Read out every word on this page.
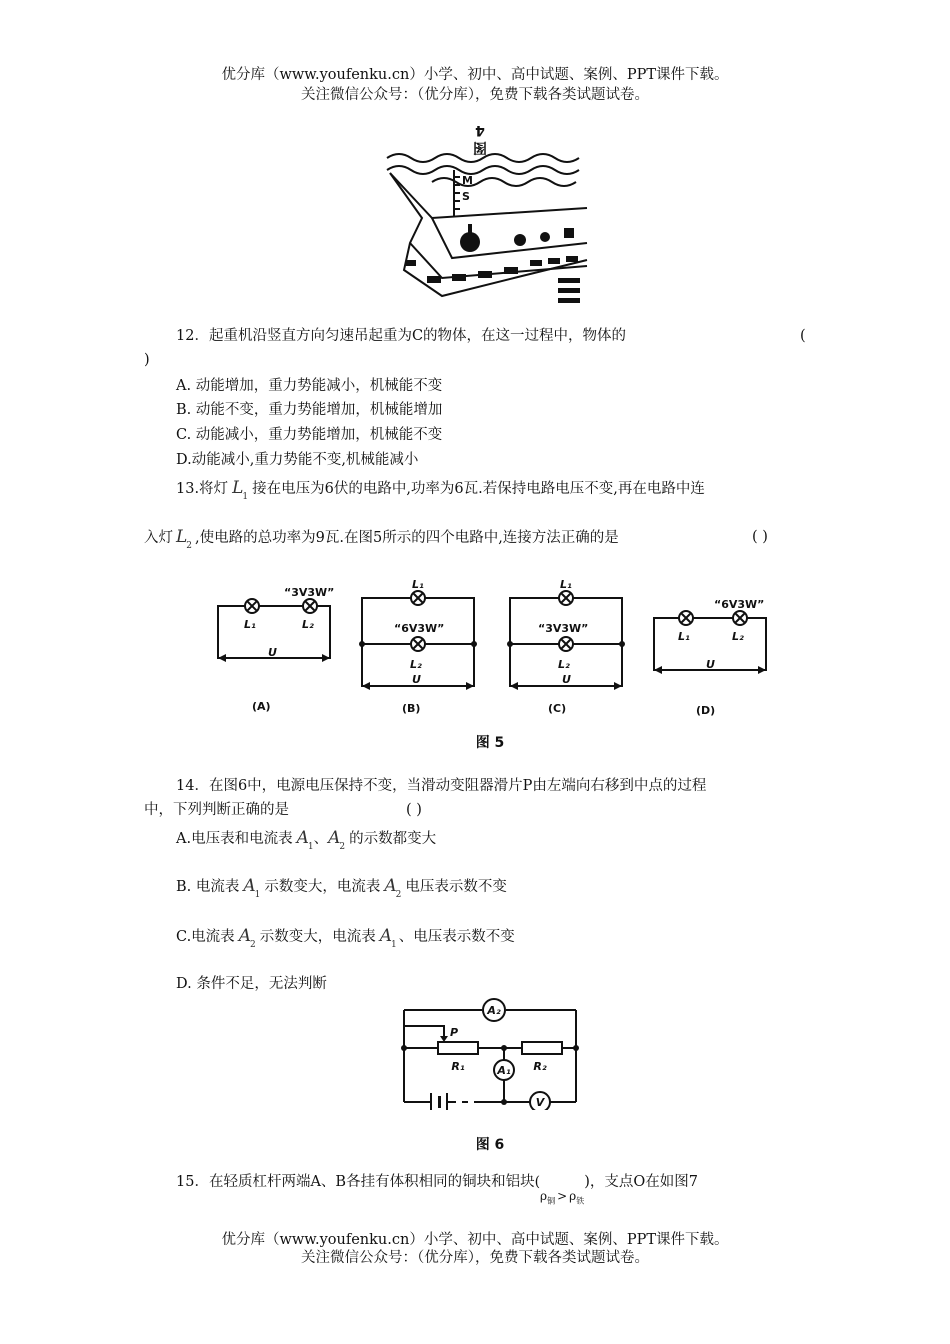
优分库（www.youfenku.cn）小学、初中、高中试题、案例、PPT课件下载。
关注微信公众号：（优分库），免费下载各类试题试卷。
图 4
M
S
12．起重机沿竖直方向匀速吊起重为C的物体，在这一过程中，物体的	(
)
A. 动能增加，重力势能减小，机械能不变
B. 动能不变，重力势能增加，机械能增加
C. 动能减小，重力势能增加，机械能不变
D.动能减小,重力势能不变,机械能减小
13.将灯 $L_1$ 接在电压为6伏的电路中,功率为6瓦.若保持电路电压不变,再在电路中连
入灯 $L_2$ ,使电路的总功率为9瓦.在图5所示的四个电路中,连接方法正确的是	( )
“3V3W”
L₁	L₂
U
(A)
L₁
“6V3W”
L₂
U
(B)
L₁
“3V3W”
L₂
U
(C)
“6V3W”
L₁	L₂
U
(D)
图 5
14．在图6中，电源电压保持不变，当滑动变阻器滑片P由左端向右移到中点的过程
中，下列判断正确的是	( )
A.电压表和电流表 $A_1$、$A_2$ 的示数都变大
B. 电流表 $A_1$ 示数变大，电流表 $A_2$ 电压表示数不变
C.电流表 $A_2$ 示数变大，电流表 $A_1$ 、电压表示数不变
D. 条件不足，无法判断
A₂
A₁
V
P
R₁	R₂
图 6
15．在轻质杠杆两端A、B各挂有体积相同的铜块和铝块$(_{\rho_铜 > \rho_铁})$，支点O在如图7
优分库（www.youfenku.cn）小学、初中、高中试题、案例、PPT课件下载。
关注微信公众号：（优分库），免费下载各类试题试卷。
